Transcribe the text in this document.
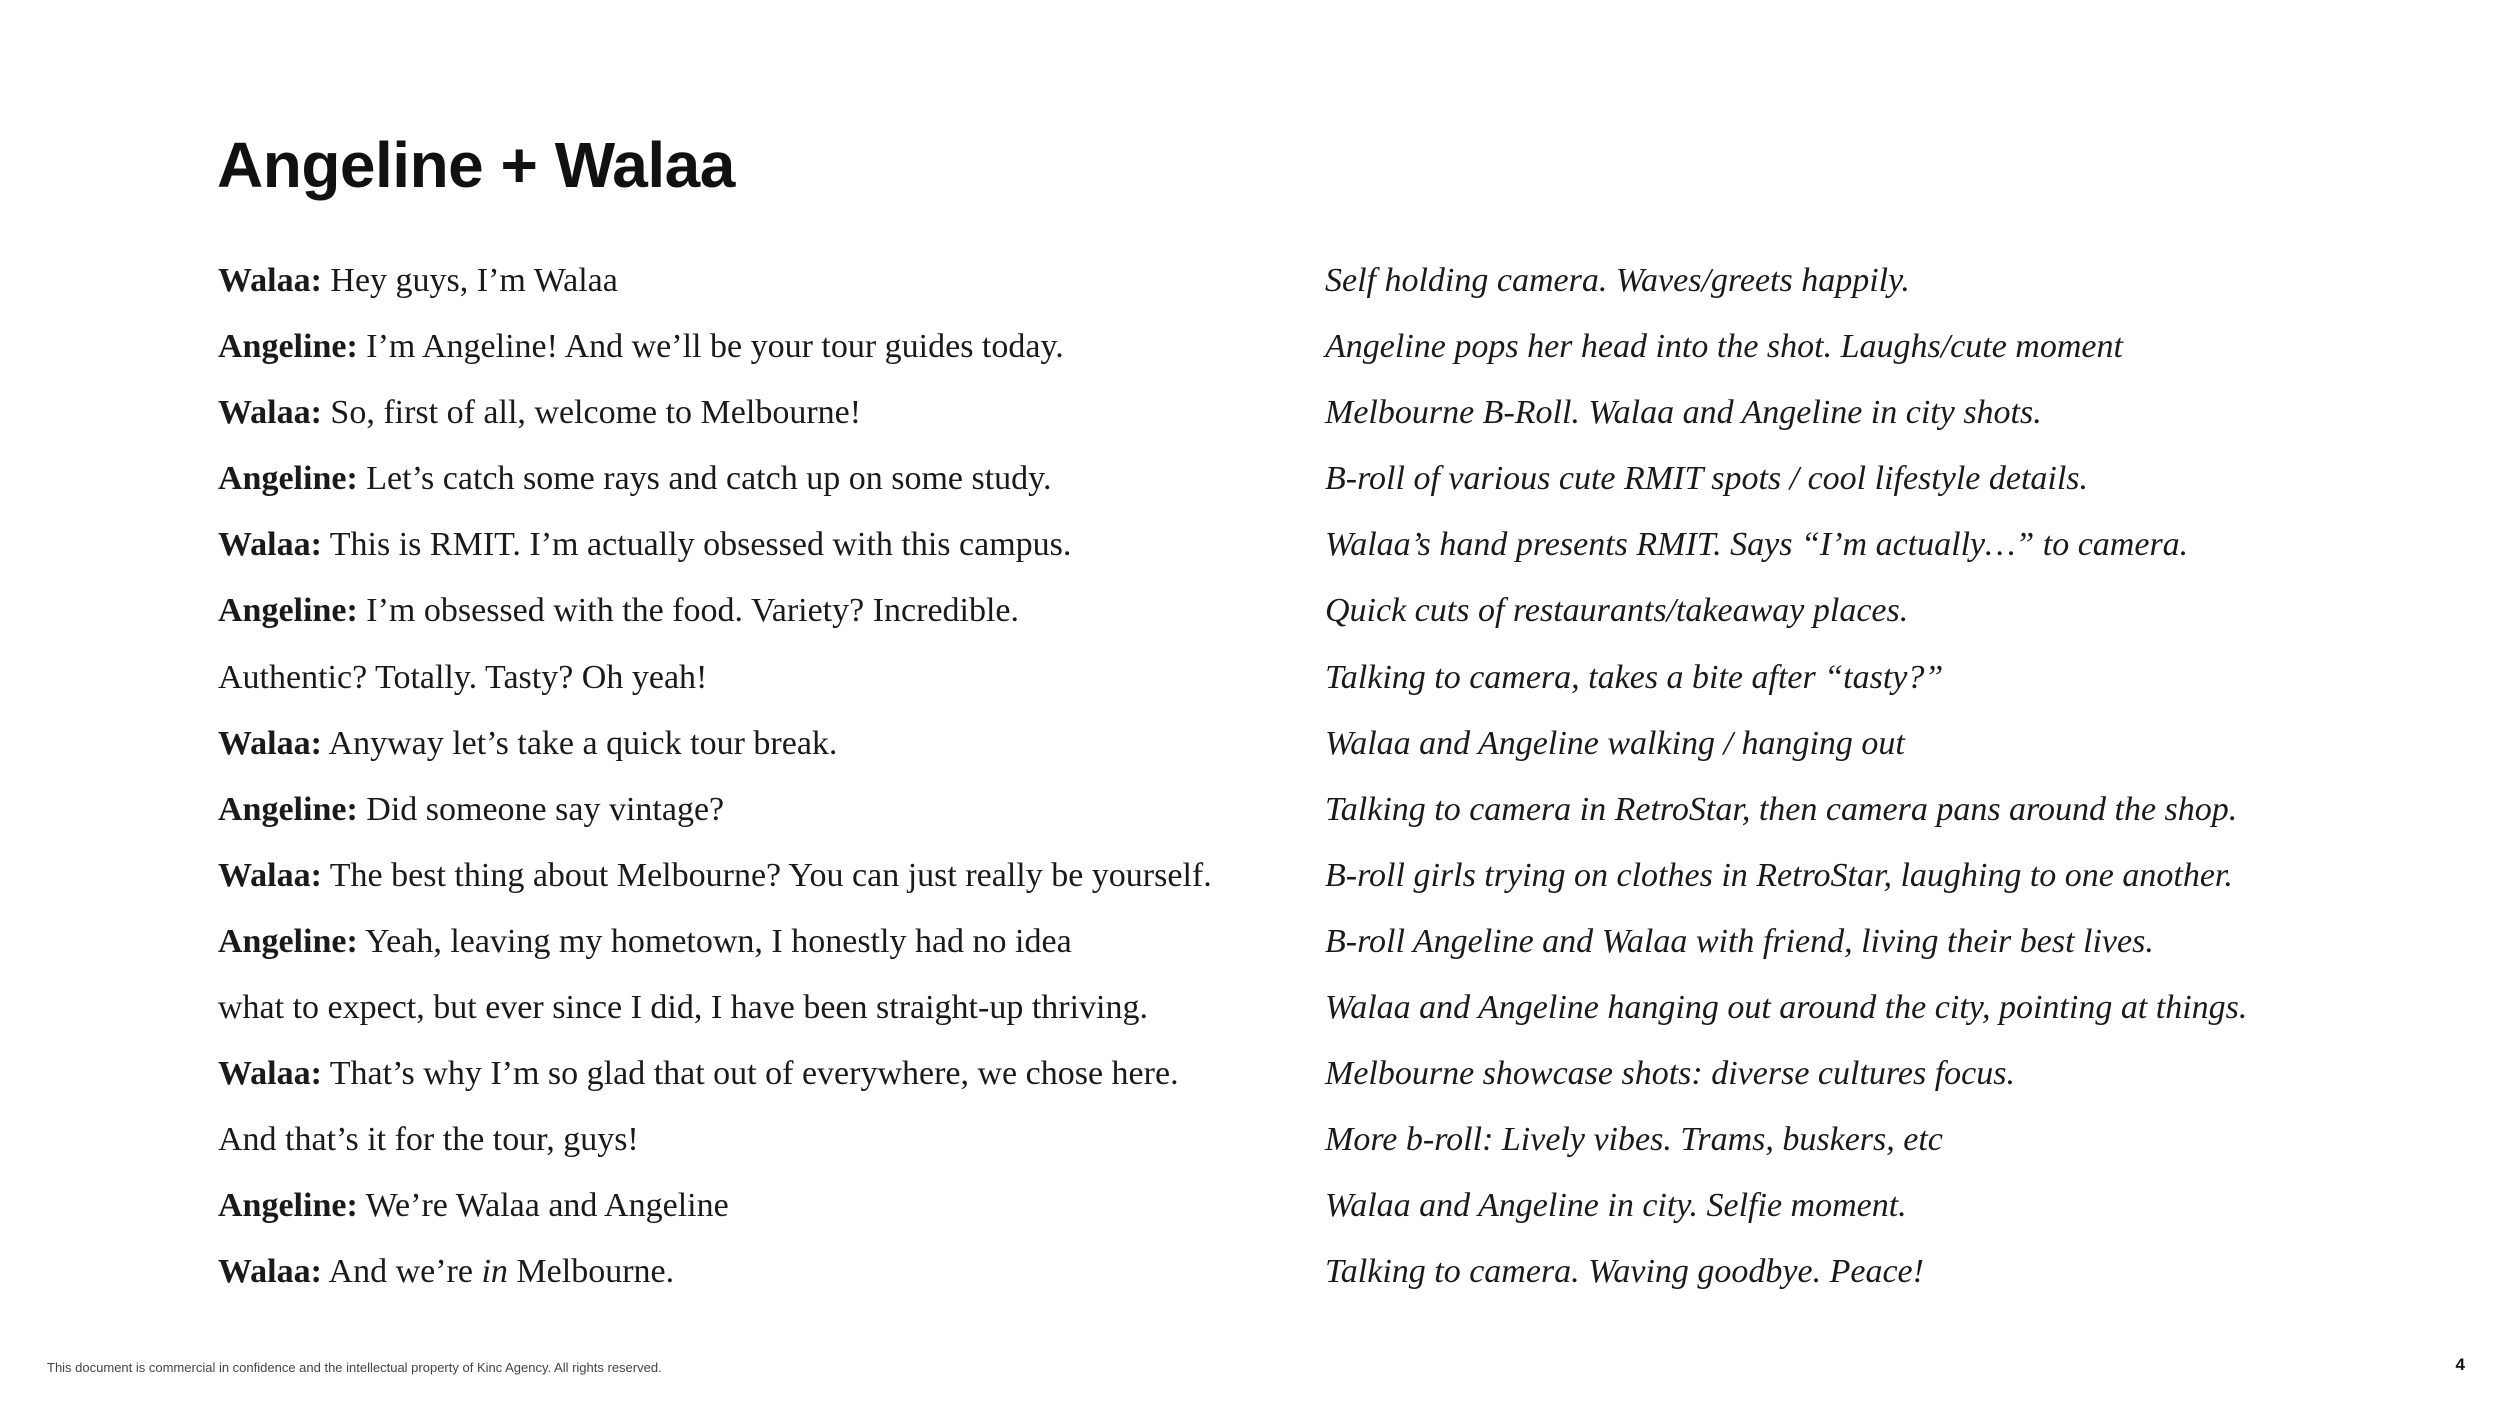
Angeline + Walaa
Walaa: Hey guys, I’m Walaa
Angeline: I’m Angeline! And we’ll be your tour guides today.
Walaa: So, first of all, welcome to Melbourne!
Angeline: Let’s catch some rays and catch up on some study.
Walaa: This is RMIT. I’m actually obsessed with this campus.
Angeline: I’m obsessed with the food. Variety? Incredible.
Authentic? Totally. Tasty? Oh yeah!
Walaa: Anyway let’s take a quick tour break.
Angeline: Did someone say vintage?
Walaa: The best thing about Melbourne? You can just really be yourself.
Angeline: Yeah, leaving my hometown, I honestly had no idea
what to expect, but ever since I did, I have been straight-up thriving.
Walaa: That’s why I’m so glad that out of everywhere, we chose here.
And that’s it for the tour, guys!
Angeline: We’re Walaa and Angeline
Walaa: And we’re in Melbourne.
Self holding camera. Waves/greets happily.
Angeline pops her head into the shot. Laughs/cute moment
Melbourne B-Roll. Walaa and Angeline in city shots.
B-roll of various cute RMIT spots / cool lifestyle details.
Walaa’s hand presents RMIT. Says “I’m actually…” to camera.
Quick cuts of restaurants/takeaway places.
Talking to camera, takes a bite after “tasty?”
Walaa and Angeline walking / hanging out
Talking to camera in RetroStar, then camera pans around the shop.
B-roll girls trying on clothes in RetroStar, laughing to one another.
B-roll Angeline and Walaa with friend, living their best lives.
Walaa and Angeline hanging out around the city, pointing at things.
Melbourne showcase shots: diverse cultures focus.
More b-roll: Lively vibes. Trams, buskers, etc
Walaa and Angeline in city. Selfie moment.
Talking to camera. Waving goodbye. Peace!
This document is commercial in confidence and the intellectual property of Kinc Agency. All rights reserved.	4
